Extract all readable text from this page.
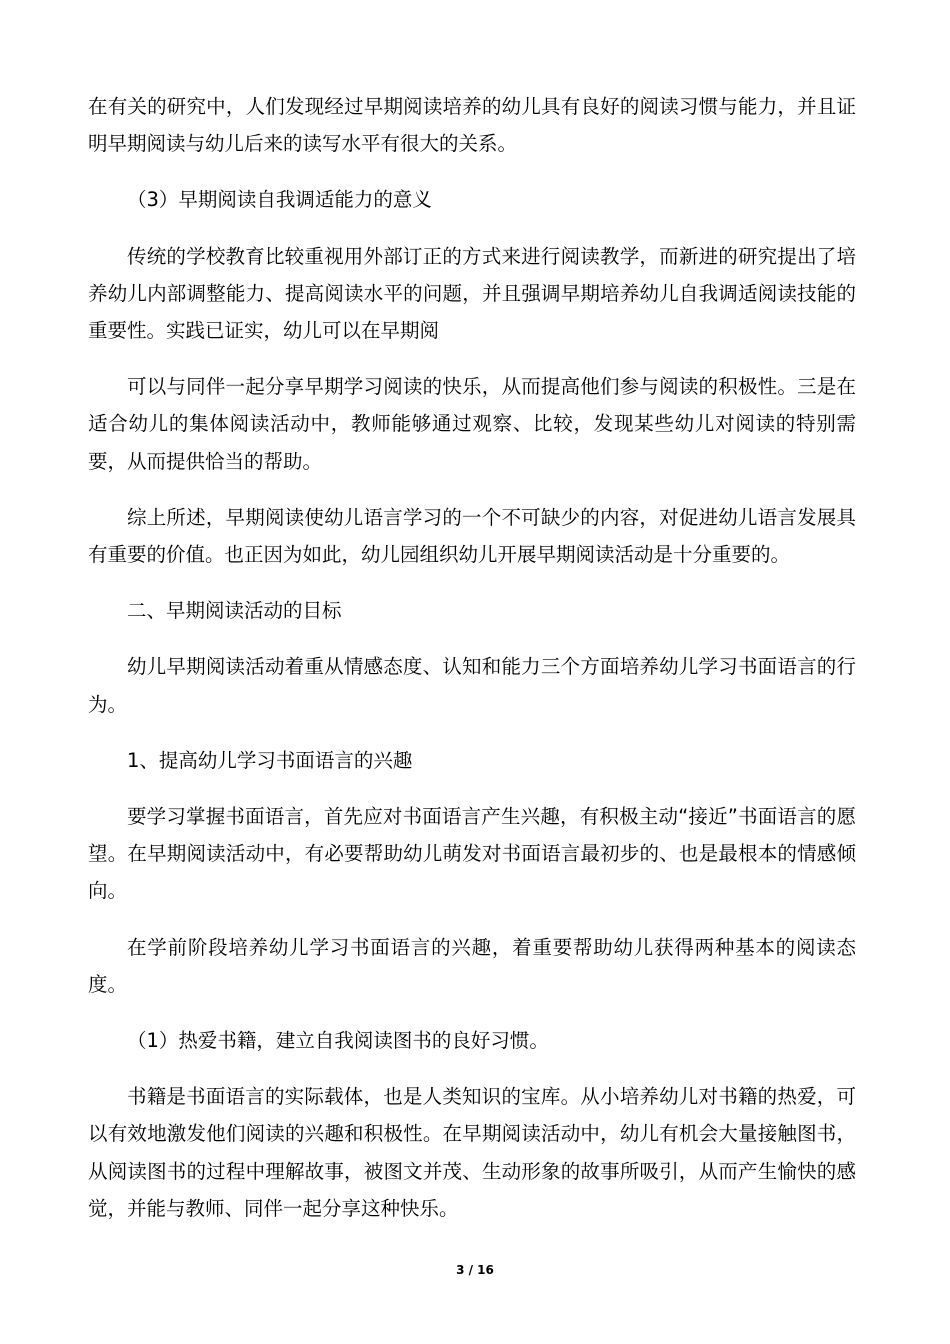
在有关的研究中，人们发现经过早期阅读培养的幼儿具有良好的阅读习惯与能力，并且证明早期阅读与幼儿后来的读写水平有很大的关系。

（3）早期阅读自我调适能力的意义

传统的学校教育比较重视用外部订正的方式来进行阅读教学，而新进的研究提出了培养幼儿内部调整能力、提高阅读水平的问题，并且强调早期培养幼儿自我调适阅读技能的重要性。实践已证实，幼儿可以在早期阅

可以与同伴一起分享早期学习阅读的快乐，从而提高他们参与阅读的积极性。三是在适合幼儿的集体阅读活动中，教师能够通过观察、比较，发现某些幼儿对阅读的特别需要，从而提供恰当的帮助。

综上所述，早期阅读使幼儿语言学习的一个不可缺少的内容，对促进幼儿语言发展具有重要的价值。也正因为如此，幼儿园组织幼儿开展早期阅读活动是十分重要的。

二、早期阅读活动的目标

幼儿早期阅读活动着重从情感态度、认知和能力三个方面培养幼儿学习书面语言的行为。

1、提高幼儿学习书面语言的兴趣

要学习掌握书面语言，首先应对书面语言产生兴趣，有积极主动“接近”书面语言的愿望。在早期阅读活动中，有必要帮助幼儿萌发对书面语言最初步的、也是最根本的情感倾向。

在学前阶段培养幼儿学习书面语言的兴趣，着重要帮助幼儿获得两种基本的阅读态度。

（1）热爱书籍，建立自我阅读图书的良好习惯。

书籍是书面语言的实际载体，也是人类知识的宝库。从小培养幼儿对书籍的热爱，可以有效地激发他们阅读的兴趣和积极性。在早期阅读活动中，幼儿有机会大量接触图书，从阅读图书的过程中理解故事，被图文并茂、生动形象的故事所吸引，从而产生愉快的感觉，并能与教师、同伴一起分享这种快乐。

3 / 16
